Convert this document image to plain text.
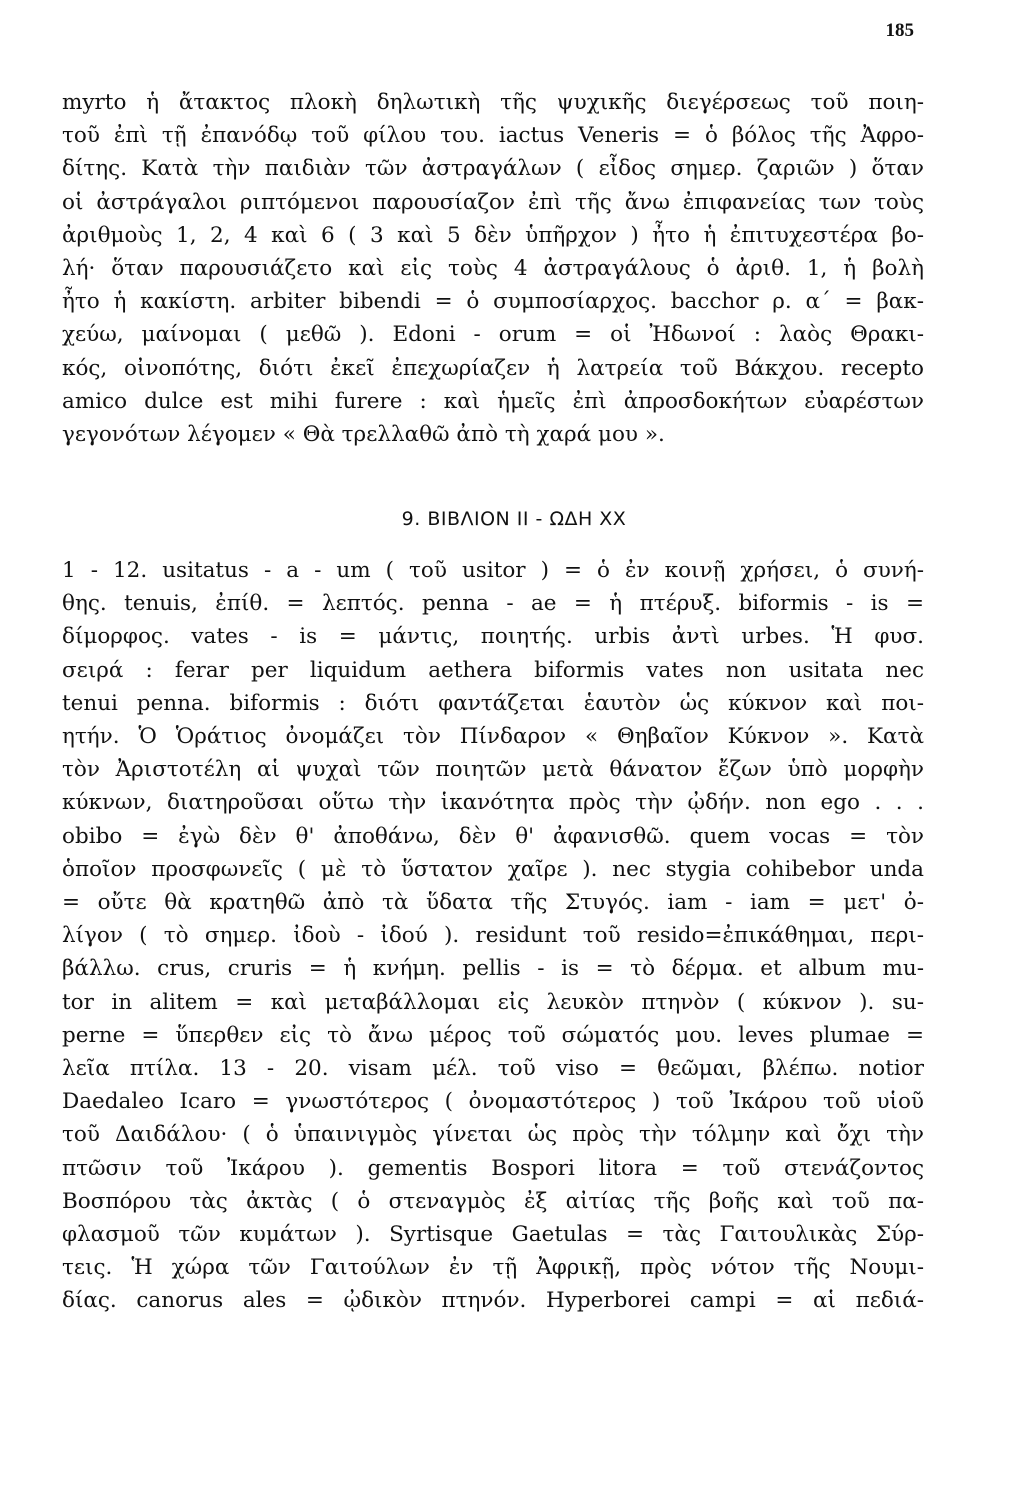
185
myrto ἡ ἄτακτος πλοκὴ δηλωτικὴ τῆς ψυχικῆς διεγέρσεως τοῦ ποιη-
τοῦ ἐπὶ τῇ ἐπανόδῳ τοῦ φίλου του. iactus Veneris = ὁ βόλος τῆς Ἀφρο-
δίτης. Κατὰ τὴν παιδιὰν τῶν ἀστραγάλων ( εἶδος σημερ. ζαριῶν ) ὅταν
οἱ ἀστράγαλοι ριπτόμενοι παρουσίαζον ἐπὶ τῆς ἄνω ἐπιφανείας των τοὺς
ἀριθμοὺς 1, 2, 4 καὶ 6 ( 3 καὶ 5 δὲν ὑπῆρχον ) ἦτο ἡ ἐπιτυχεστέρα βο-
λή· ὅταν παρουσιάζετο καὶ εἰς τοὺς 4 ἀστραγάλους ὁ ἀριθ. 1, ἡ βολὴ
ἦτο ἡ κακίστη. arbiter bibendi = ὁ συμποσίαρχος. bacchor ρ. α΄ = βακ-
χεύω, μαίνομαι ( μεθῶ ). Edoni - orum = οἱ Ἠδωνοί : λαὸς Θρακι-
κός, οἰνοπότης, διότι ἐκεῖ ἐπεχωρίαζεν ἡ λατρεία τοῦ Βάκχου. recepto
amico dulce est mihi furere : καὶ ἡμεῖς ἐπὶ ἀπροσδοκήτων εὐαρέστων
γεγονότων λέγομεν « Θὰ τρελλαθῶ ἀπὸ τὴ χαρά μου ».
9. ΒΙΒΛΙΟΝ ΙΙ - ΩΔΗ XX
1 - 12. usitatus - a - um ( τοῦ usitor ) = ὁ ἐν κοινῇ χρήσει, ὁ συνή-
θης. tenuis, ἐπίθ. = λεπτός. penna - ae = ἡ πτέρυξ. biformis - is =
δίμορφος. vates - is = μάντις, ποιητής. urbis ἀντὶ urbes. Ἡ φυσ.
σειρά : ferar per liquidum aethera biformis vates non usitata nec
tenui penna. biformis : διότι φαντάζεται ἑαυτὸν ὡς κύκνον καὶ ποι-
ητήν. Ὁ Ὁράτιος ὀνομάζει τὸν Πίνδαρον « Θηβαῖον Κύκνον ». Κατὰ
τὸν Ἀριστοτέλη αἱ ψυχαὶ τῶν ποιητῶν μετὰ θάνατον ἔζων ὑπὸ μορφὴν
κύκνων, διατηροῦσαι οὕτω τὴν ἱκανότητα πρὸς τὴν ᾠδήν. non ego . . .
obibo = ἐγὼ δὲν θ' ἀποθάνω, δὲν θ' ἀφανισθῶ. quem vocas = τὸν
ὁποῖον προσφωνεῖς ( μὲ τὸ ὕστατον χαῖρε ). nec stygia cohibebor unda
= οὔτε θὰ κρατηθῶ ἀπὸ τὰ ὕδατα τῆς Στυγός. iam - iam = μετ' ὀ-
λίγον ( τὸ σημερ. ἰδοὺ - ἰδού ). residunt τοῦ resido=ἐπικάθημαι, περι-
βάλλω. crus, cruris = ἡ κνήμη. pellis - is = τὸ δέρμα. et album mu-
tor in alitem = καὶ μεταβάλλομαι εἰς λευκὸν πτηνὸν ( κύκνον ). su-
perne = ὕπερθεν εἰς τὸ ἄνω μέρος τοῦ σώματός μου. leves plumae =
λεῖα πτίλα. 13 - 20. visam μέλ. τοῦ viso = θεῶμαι, βλέπω. notior
Daedaleo Icaro = γνωστότερος ( ὀνομαστότερος ) τοῦ Ἰκάρου τοῦ υἱοῦ
τοῦ Δαιδάλου· ( ὁ ὑπαινιγμὸς γίνεται ὡς πρὸς τὴν τόλμην καὶ ὄχι τὴν
πτῶσιν τοῦ Ἰκάρου ). gementis Bospori litora = τοῦ στενάζοντος
Βοσπόρου τὰς ἀκτὰς ( ὁ στεναγμὸς ἐξ αἰτίας τῆς βοῆς καὶ τοῦ πα-
φλασμοῦ τῶν κυμάτων ). Syrtisque Gaetulas = τὰς Γαιτουλικὰς Σύρ-
τεις. Ἡ χώρα τῶν Γαιτούλων ἐν τῇ Ἀφρικῇ, πρὸς νότον τῆς Νουμι-
δίας. canorus ales = ᾠδικὸν πτηνόν. Hyperborei campi = αἱ πεδιά-
